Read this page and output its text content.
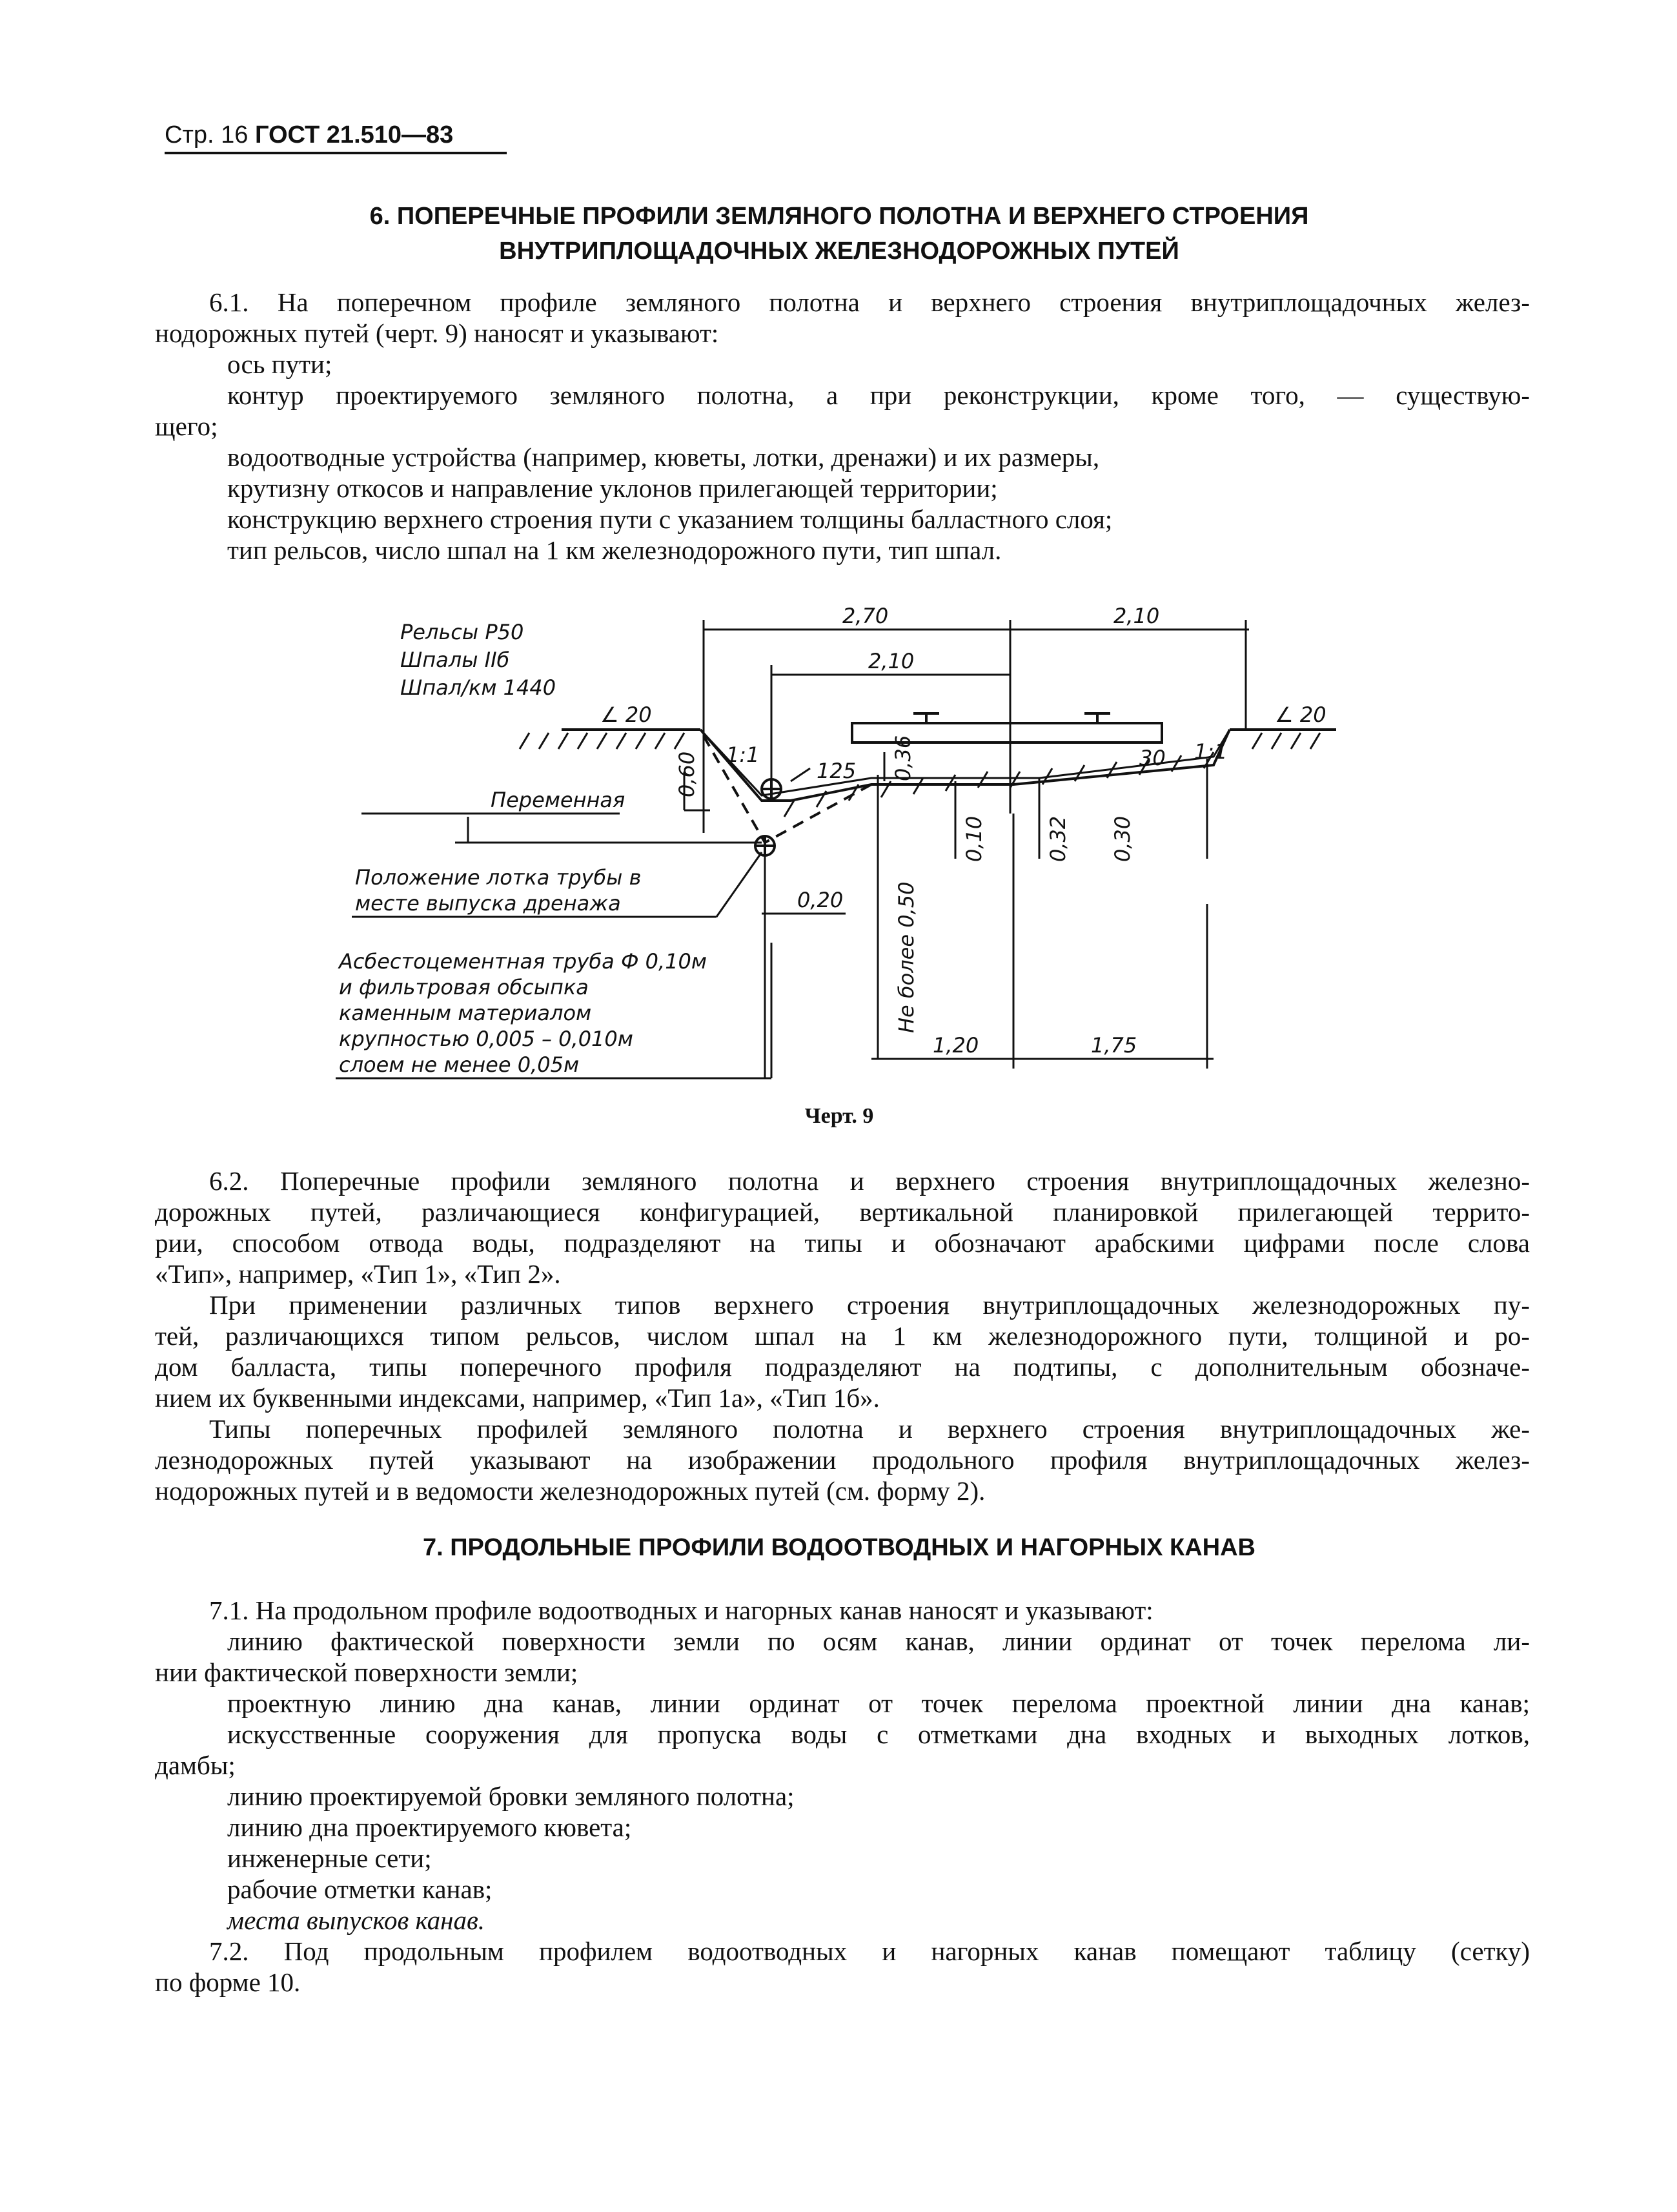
Стр. 16 ГОСТ 21.510—83
6. ПОПЕРЕЧНЫЕ ПРОФИЛИ ЗЕМЛЯНОГО ПОЛОТНА И ВЕРХНЕГО СТРОЕНИЯ
ВНУТРИПЛОЩАДОЧНЫХ ЖЕЛЕЗНОДОРОЖНЫХ ПУТЕЙ

6.1. На поперечном профиле земляного полотна и верхнего строения внутриплощадочных желез-

нодорожных путей (черт. 9) наносят и указывают:

ось пути;

контур проектируемого земляного полотна, а при реконструкции, кроме того, — существую-

щего;

водоотводные устройства (например, кюветы, лотки, дренажи) и их размеры,

крутизну откосов и направление уклонов прилегающей территории;

конструкцию верхнего строения пути с указанием толщины балластного слоя;

тип рельсов, число шпал на 1 км железнодорожного пути, тип шпал.

Рельсы Р50
Шпалы IIб
Шпал/км 1440
∠ 20	∠ 20
2,70	2,10
2,10
1:1	1:1
125
30
Переменная
Положение лотка трубы в
месте выпуска дренажа	0,20
Асбестоцементная труба Ф 0,10м
и фильтровая обсыпка
каменным материалом
крупностью 0,005 – 0,010м
слоем не менее 0,05м
1,20	1,75
0,60	0,36
0,10	0,32 0,30
Не более 0,50
Черт. 9

6.2. Поперечные профили земляного полотна и верхнего строения внутриплощадочных железно-

дорожных путей, различающиеся конфигурацией, вертикальной планировкой прилегающей террито-

рии, способом отвода воды, подразделяют на типы и обозначают арабскими цифрами после слова

«Тип», например, «Тип 1», «Тип 2».

При применении различных типов верхнего строения внутриплощадочных железнодорожных пу-

тей, различающихся типом рельсов, числом шпал на 1 км железнодорожного пути, толщиной и ро-

дом балласта, типы поперечного профиля подразделяют на подтипы, с дополнительным обозначе-

нием их буквенными индексами, например, «Тип 1а», «Тип 1б».

Типы поперечных профилей земляного полотна и верхнего строения внутриплощадочных же-

лезнодорожных путей указывают на изображении продольного профиля внутриплощадочных желез-

нодорожных путей и в ведомости железнодорожных путей (см. форму 2).

7. ПРОДОЛЬНЫЕ ПРОФИЛИ ВОДООТВОДНЫХ И НАГОРНЫХ КАНАВ

7.1. На продольном профиле водоотводных и нагорных канав наносят и указывают:

линию фактической поверхности земли по осям канав, линии ординат от точек перелома ли-

нии фактической поверхности земли;

проектную линию дна канав, линии ординат от точек перелома проектной линии дна канав;

искусственные сооружения для пропуска воды с отметками дна входных и выходных лотков,

дамбы;

линию проектируемой бровки земляного полотна;

линию дна проектируемого кювета;

инженерные сети;

рабочие отметки канав;

места выпусков канав.

7.2. Под продольным профилем водоотводных и нагорных канав помещают таблицу (сетку)

по форме 10.
